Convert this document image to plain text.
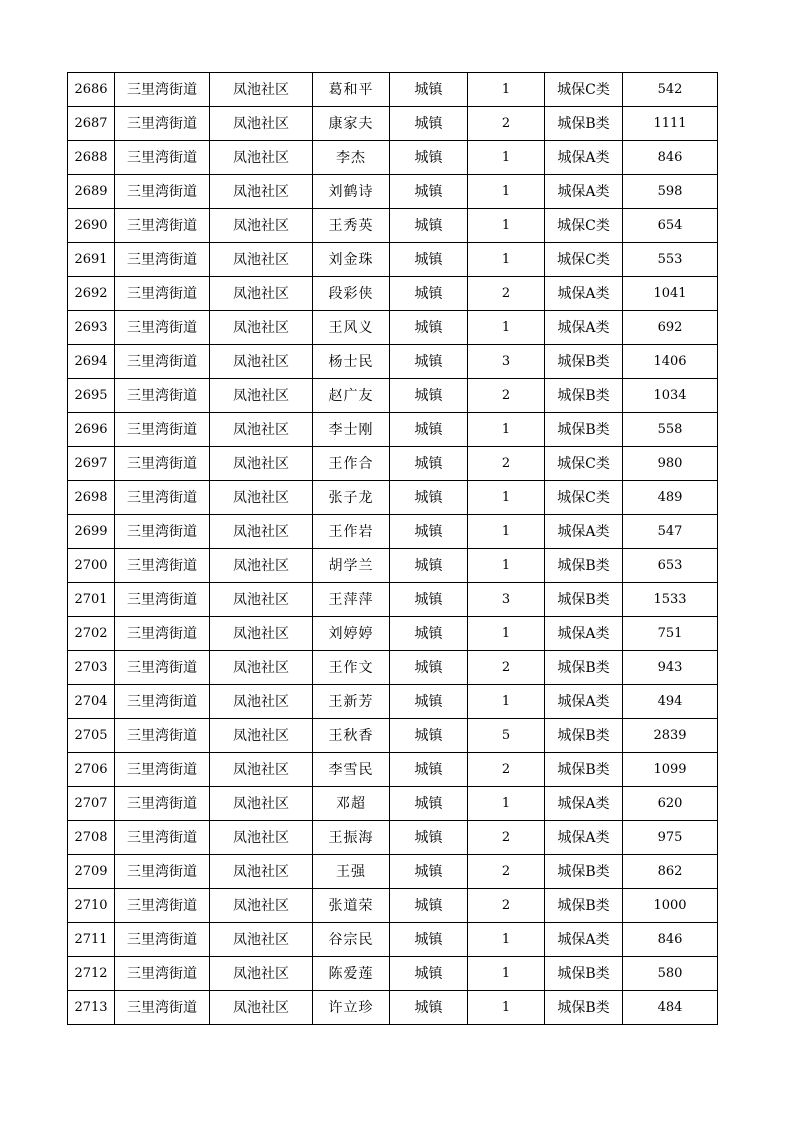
2686	三里湾街道	凤池社区	葛和平	城镇	1	城保C类	542
2687	三里湾街道	凤池社区	康家夫	城镇	2	城保B类	1111
2688	三里湾街道	凤池社区	李杰	城镇	1	城保A类	846
2689	三里湾街道	凤池社区	刘鹤诗	城镇	1	城保A类	598
2690	三里湾街道	凤池社区	王秀英	城镇	1	城保C类	654
2691	三里湾街道	凤池社区	刘金珠	城镇	1	城保C类	553
2692	三里湾街道	凤池社区	段彩侠	城镇	2	城保A类	1041
2693	三里湾街道	凤池社区	王风义	城镇	1	城保A类	692
2694	三里湾街道	凤池社区	杨士民	城镇	3	城保B类	1406
2695	三里湾街道	凤池社区	赵广友	城镇	2	城保B类	1034
2696	三里湾街道	凤池社区	李士刚	城镇	1	城保B类	558
2697	三里湾街道	凤池社区	王作合	城镇	2	城保C类	980
2698	三里湾街道	凤池社区	张子龙	城镇	1	城保C类	489
2699	三里湾街道	凤池社区	王作岩	城镇	1	城保A类	547
2700	三里湾街道	凤池社区	胡学兰	城镇	1	城保B类	653
2701	三里湾街道	凤池社区	王萍萍	城镇	3	城保B类	1533
2702	三里湾街道	凤池社区	刘婷婷	城镇	1	城保A类	751
2703	三里湾街道	凤池社区	王作文	城镇	2	城保B类	943
2704	三里湾街道	凤池社区	王新芳	城镇	1	城保A类	494
2705	三里湾街道	凤池社区	王秋香	城镇	5	城保B类	2839
2706	三里湾街道	凤池社区	李雪民	城镇	2	城保B类	1099
2707	三里湾街道	凤池社区	邓超	城镇	1	城保A类	620
2708	三里湾街道	凤池社区	王振海	城镇	2	城保A类	975
2709	三里湾街道	凤池社区	王强	城镇	2	城保B类	862
2710	三里湾街道	凤池社区	张道荣	城镇	2	城保B类	1000
2711	三里湾街道	凤池社区	谷宗民	城镇	1	城保A类	846
2712	三里湾街道	凤池社区	陈爱莲	城镇	1	城保B类	580
2713	三里湾街道	凤池社区	许立珍	城镇	1	城保B类	484
